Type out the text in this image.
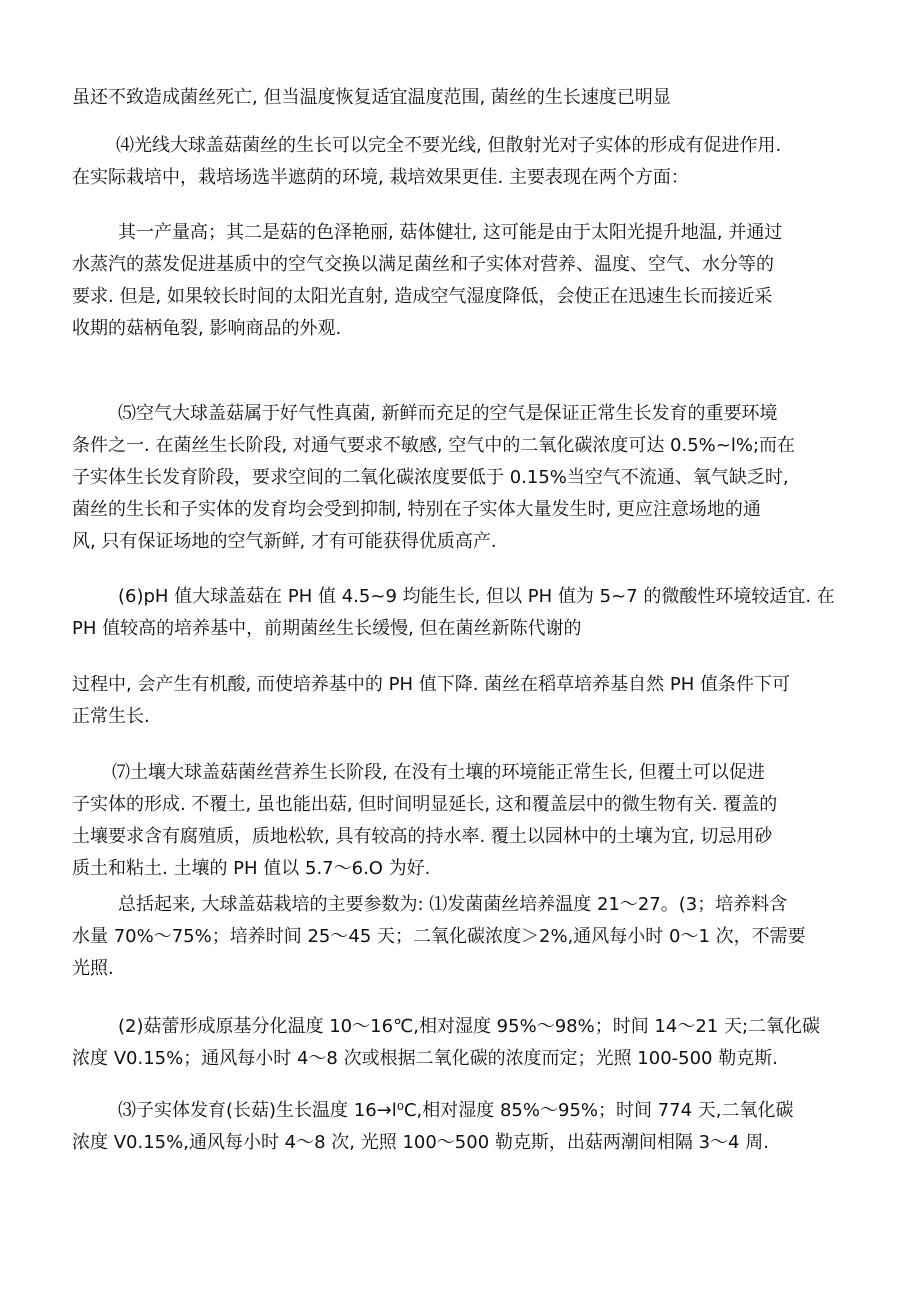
虽还不致造成菌丝死亡, 但当温度恢复适宜温度范围, 菌丝的生长速度已明显
⑷光线大球盖菇菌丝的生长可以完全不要光线, 但散射光对子实体的形成有促进作用.
在实际栽培中，栽培场选半遮荫的环境, 栽培效果更佳. 主要表现在两个方面：
其一产量高；其二是菇的色泽艳丽, 菇体健壮, 这可能是由于太阳光提升地温, 并通过
水蒸汽的蒸发促进基质中的空气交换以满足菌丝和子实体对营养、温度、空气、水分等的
要求. 但是, 如果较长时间的太阳光直射, 造成空气湿度降低，会使正在迅速生长而接近采
收期的菇柄龟裂, 影响商品的外观.
⑸空气大球盖菇属于好气性真菌, 新鲜而充足的空气是保证正常生长发育的重要环境
条件之一. 在菌丝生长阶段, 对通气要求不敏感, 空气中的二氧化碳浓度可达 0.5%~l%;而在
子实体生长发育阶段，要求空间的二氧化碳浓度要低于 0.15%当空气不流通、氧气缺乏时,
菌丝的生长和子实体的发育均会受到抑制, 特别在子实体大量发生时, 更应注意场地的通
风, 只有保证场地的空气新鲜, 才有可能获得优质高产.
(6)pH 值大球盖菇在 PH 值 4.5~9 均能生长, 但以 PH 值为 5~7 的微酸性环境较适宜. 在
PH 值较高的培养基中，前期菌丝生长缓慢, 但在菌丝新陈代谢的
过程中, 会产生有机酸, 而使培养基中的 PH 值下降. 菌丝在稻草培养基自然 PH 值条件下可
正常生长.
⑺土壤大球盖菇菌丝营养生长阶段, 在没有土壤的环境能正常生长, 但覆土可以促进
子实体的形成. 不覆土, 虽也能出菇, 但时间明显延长, 这和覆盖层中的微生物有关. 覆盖的
土壤要求含有腐殖质，质地松软, 具有较高的持水率. 覆土以园林中的土壤为宜, 切忌用砂
质土和粘土. 土壤的 PH 值以 5.7～6.O 为好.
总括起来, 大球盖菇栽培的主要参数为: ⑴发菌菌丝培养温度 21～27。(3；培养料含
水量 70%～75%；培养时间 25～45 天；二氧化碳浓度＞2%,通风每小时 0～1 次，不需要
光照.
(2)菇蕾形成原基分化温度 10～16℃,相对湿度 95%～98%；时间 14～21 天;二氧化碳
浓度 V0.15%；通风每小时 4～8 次或根据二氧化碳的浓度而定；光照 100-500 勒克斯.
⑶子实体发育(长菇)生长温度 16→l⁰C,相对湿度 85%～95%；时间 774 天,二氧化碳
浓度 V0.15%,通风每小时 4～8 次, 光照 100～500 勒克斯，出菇两潮间相隔 3～4 周.
